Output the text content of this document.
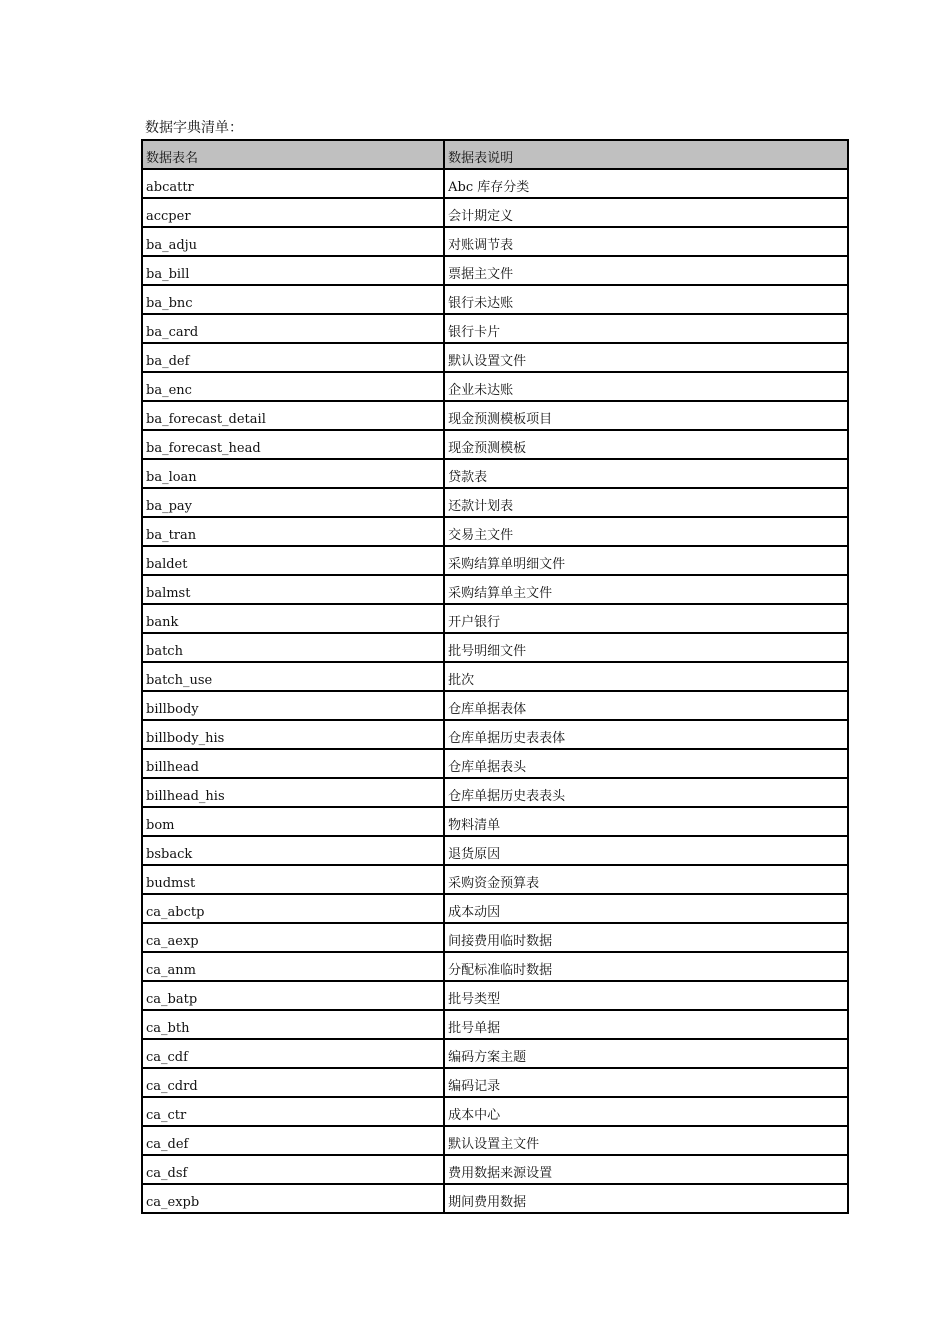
数据字典清单：
数据表名	数据表说明
abcattr	Abc 库存分类
accper	会计期定义
ba_adju	对账调节表
ba_bill	票据主文件
ba_bnc	银行未达账
ba_card	银行卡片
ba_def	默认设置文件
ba_enc	企业未达账
ba_forecast_detail	现金预测模板项目
ba_forecast_head	现金预测模板
ba_loan	贷款表
ba_pay	还款计划表
ba_tran	交易主文件
baldet	采购结算单明细文件
balmst	采购结算单主文件
bank	开户银行
batch	批号明细文件
batch_use	批次
billbody	仓库单据表体
billbody_his	仓库单据历史表表体
billhead	仓库单据表头
billhead_his	仓库单据历史表表头
bom	物料清单
bsback	退货原因
budmst	采购资金预算表
ca_abctp	成本动因
ca_aexp	间接费用临时数据
ca_anm	分配标准临时数据
ca_batp	批号类型
ca_bth	批号单据
ca_cdf	编码方案主题
ca_cdrd	编码记录
ca_ctr	成本中心
ca_def	默认设置主文件
ca_dsf	费用数据来源设置
ca_expb	期间费用数据
